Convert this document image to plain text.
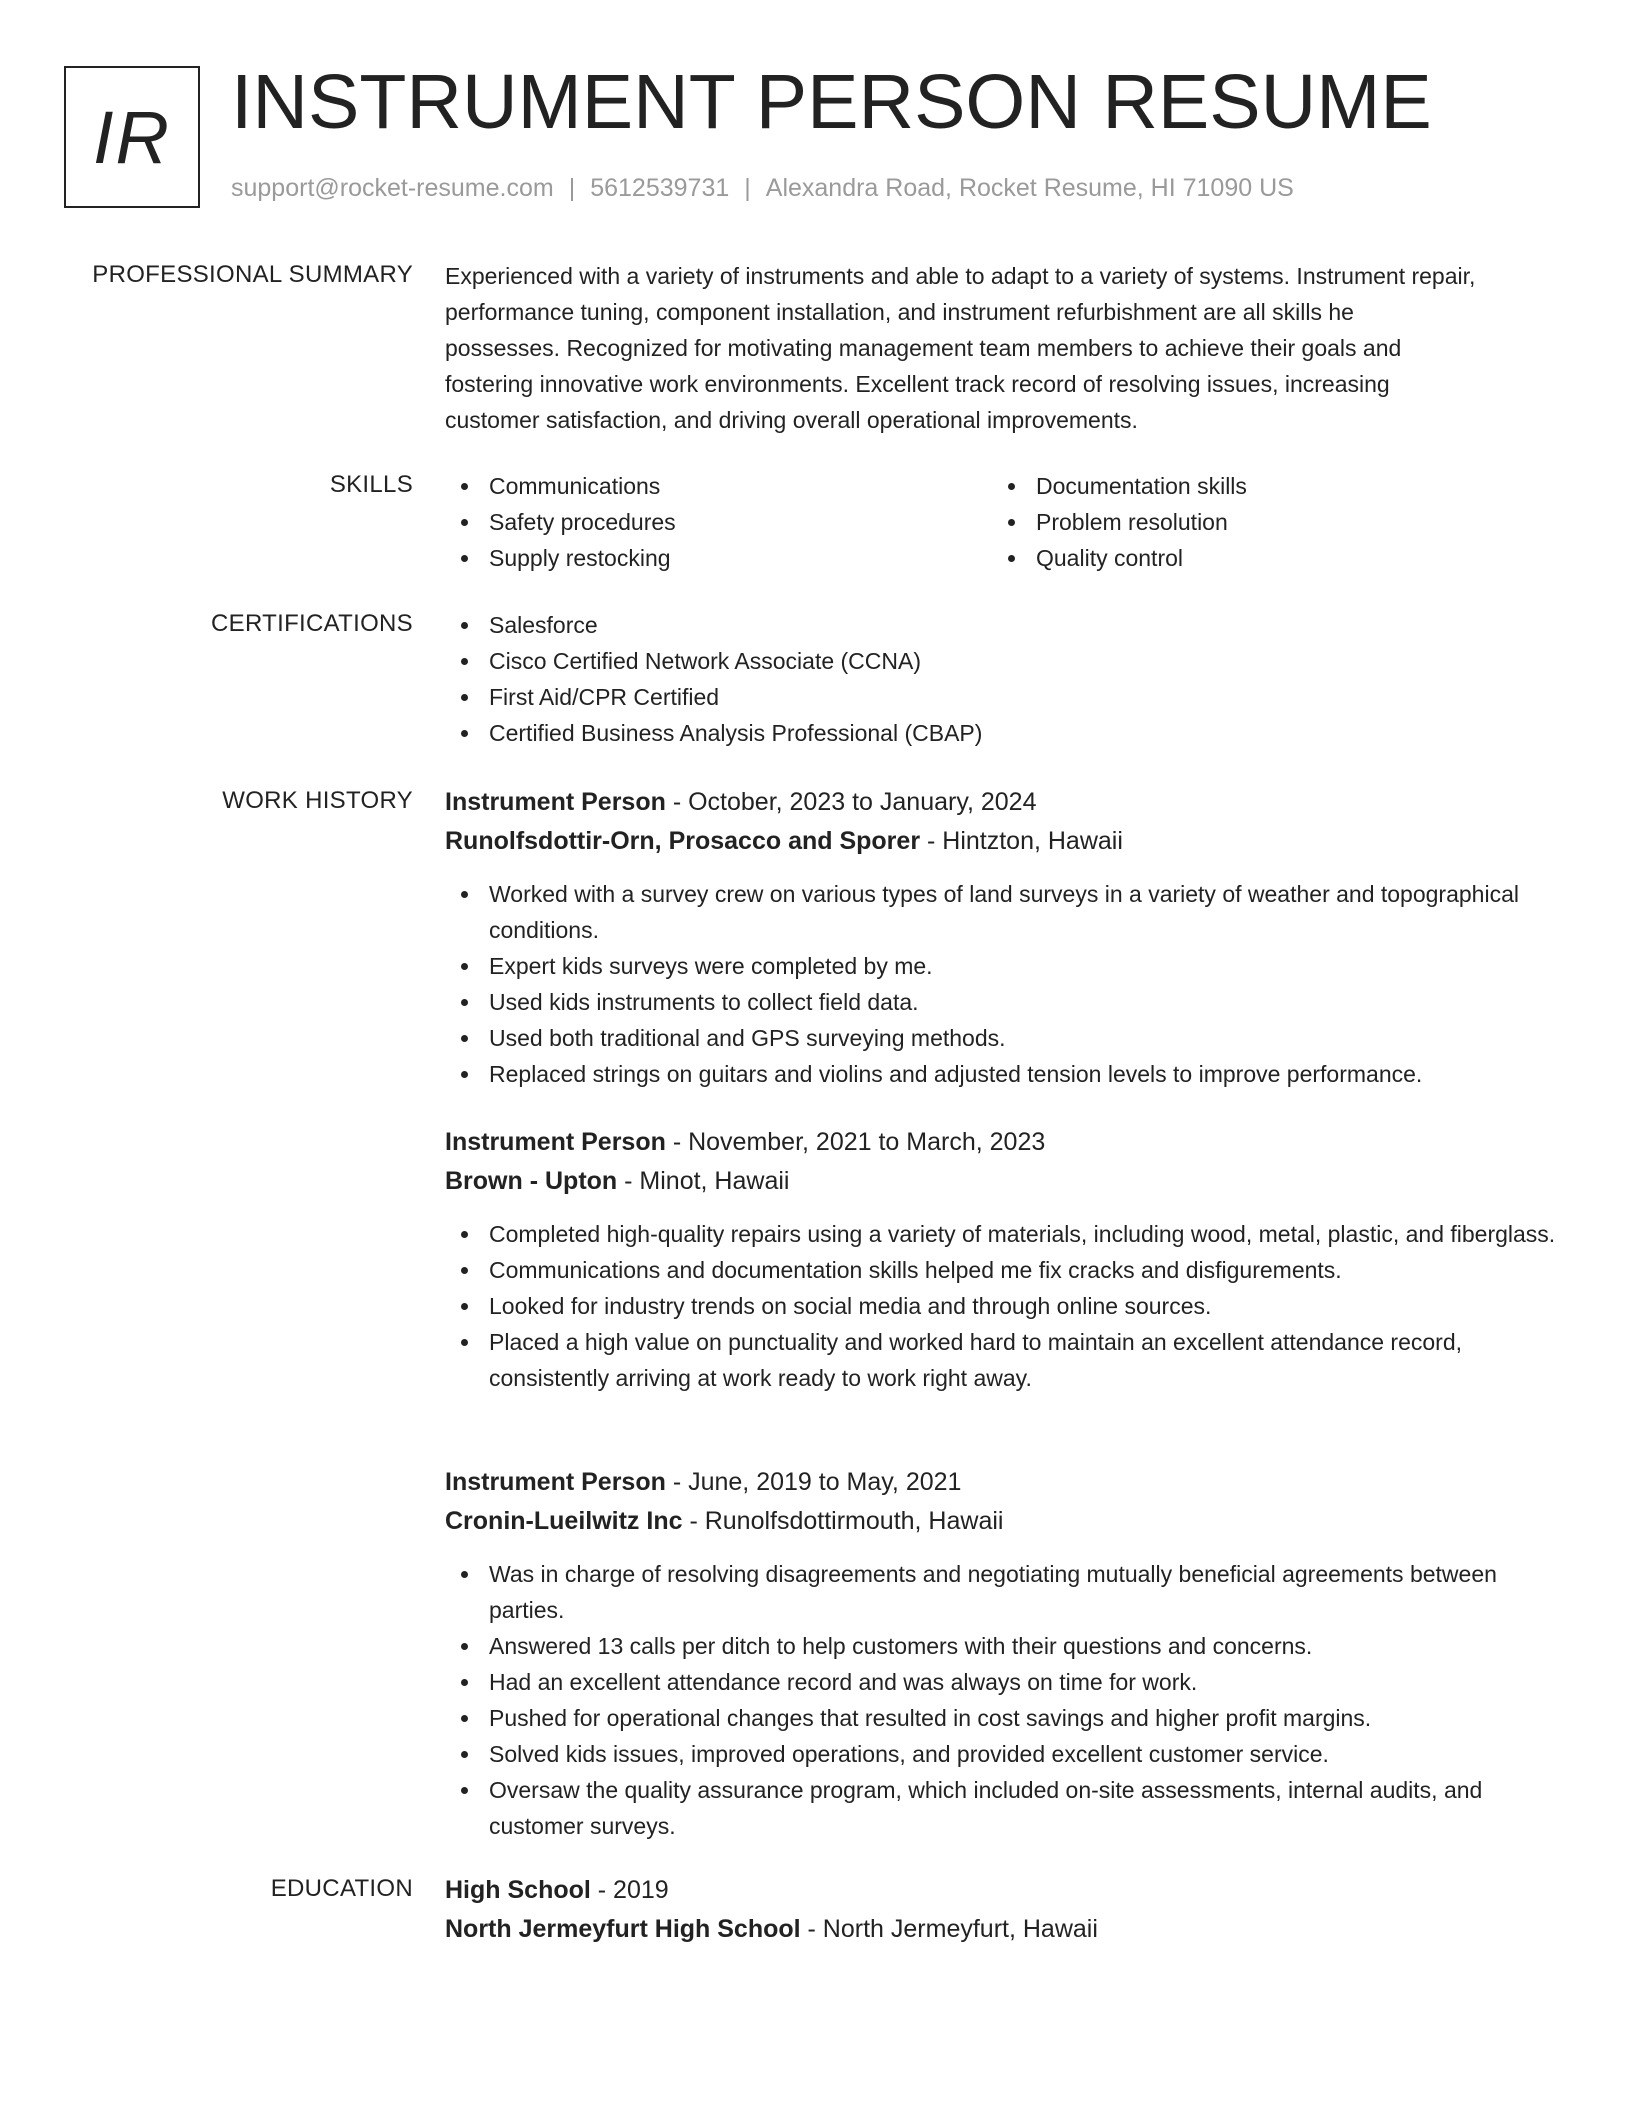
IR INSTRUMENT PERSON RESUME
support@rocket-resume.com | 5612539731 | Alexandra Road, Rocket Resume, HI 71090 US
PROFESSIONAL SUMMARY Experienced with a variety of instruments and able to adapt to a variety of systems. Instrument repair,
performance tuning, component installation, and instrument refurbishment are all skills he
possesses. Recognized for motivating management team members to achieve their goals and
fostering innovative work environments. Excellent track record of resolving issues, increasing
customer satisfaction, and driving overall operational improvements.
SKILLS	Communications
Safety procedures
Supply restocking
Documentation skills
Problem resolution
Quality control
CERTIFICATIONS	Salesforce
Cisco Certified Network Associate (CCNA)
First Aid/CPR Certified
Certified Business Analysis Professional (CBAP)
WORK HISTORY Instrument Person - October, 2023 to January, 2024
Runolfsdottir-Orn, Prosacco and Sporer - Hintzton, Hawaii
Worked with a survey crew on various types of land surveys in a variety of weather and topographical conditions.
Expert kids surveys were completed by me.
Used kids instruments to collect field data.
Used both traditional and GPS surveying methods.
Replaced strings on guitars and violins and adjusted tension levels to improve performance.
Instrument Person - November, 2021 to March, 2023
Brown - Upton - Minot, Hawaii
Completed high-quality repairs using a variety of materials, including wood, metal, plastic, and fiberglass.
Communications and documentation skills helped me fix cracks and disfigurements.
Looked for industry trends on social media and through online sources.
Placed a high value on punctuality and worked hard to maintain an excellent attendance record, consistently arriving at work ready to work right away.
Instrument Person - June, 2019 to May, 2021
Cronin-Lueilwitz Inc - Runolfsdottirmouth, Hawaii
Was in charge of resolving disagreements and negotiating mutually beneficial agreements between parties.
Answered 13 calls per ditch to help customers with their questions and concerns.
Had an excellent attendance record and was always on time for work.
Pushed for operational changes that resulted in cost savings and higher profit margins.
Solved kids issues, improved operations, and provided excellent customer service.
Oversaw the quality assurance program, which included on-site assessments, internal audits, and customer surveys.
EDUCATION High School - 2019
North Jermeyfurt High School - North Jermeyfurt, Hawaii
